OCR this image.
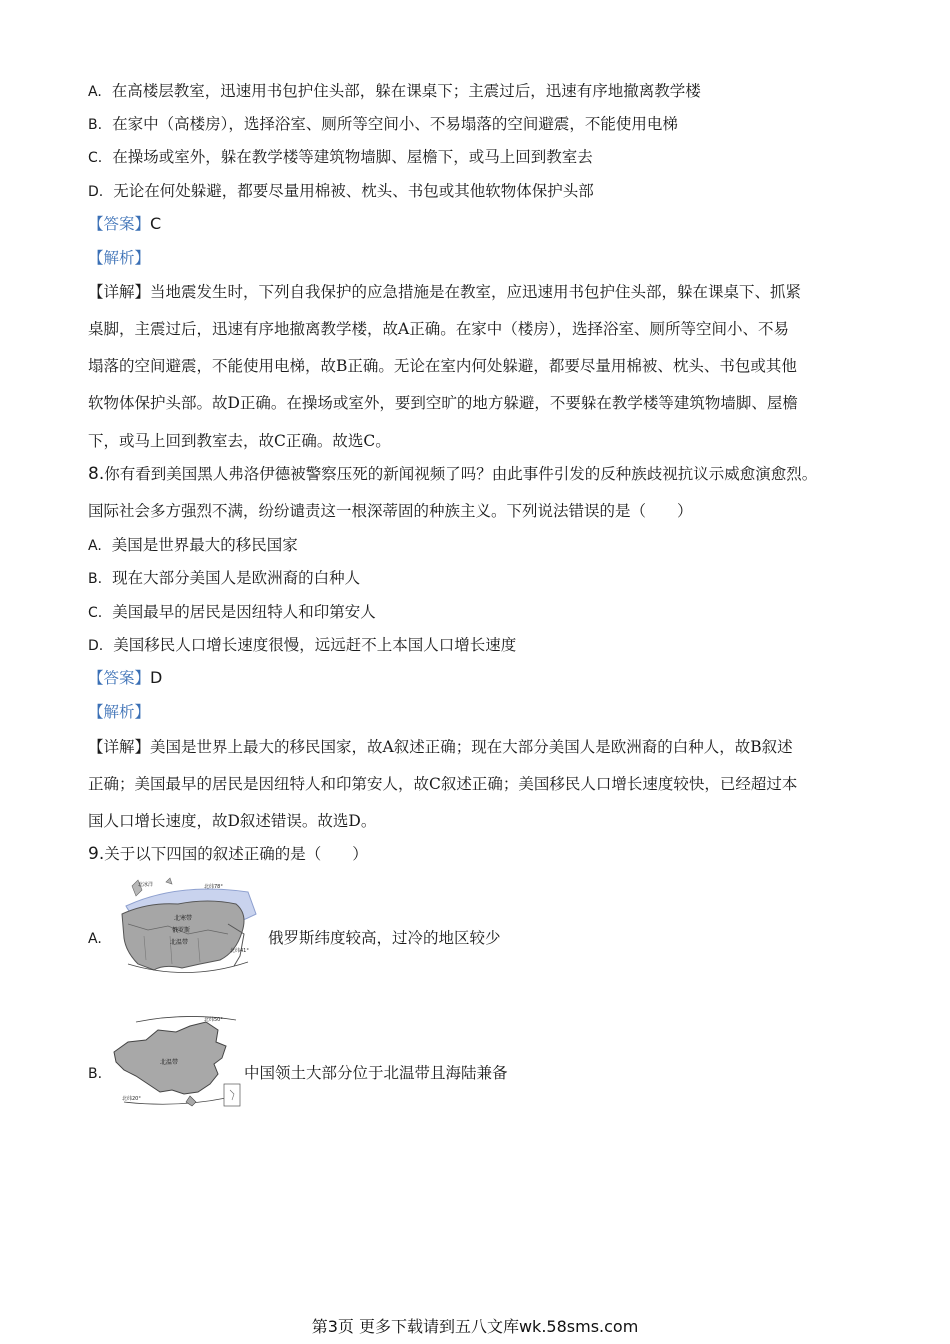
A. 在高楼层教室，迅速用书包护住头部，躲在课桌下；主震过后，迅速有序地撤离教学楼
B. 在家中（高楼房），选择浴室、厕所等空间小、不易塌落的空间避震，不能使用电梯
C. 在操场或室外，躲在教学楼等建筑物墙脚、屋檐下，或马上回到教室去
D. 无论在何处躲避，都要尽量用棉被、枕头、书包或其他软物体保护头部
【答案】C
【解析】
【详解】当地震发生时，下列自我保护的应急措施是在教室，应迅速用书包护住头部，躲在课桌下、抓紧
桌脚，主震过后，迅速有序地撤离教学楼，故A正确。在家中（楼房），选择浴室、厕所等空间小、不易
塌落的空间避震，不能使用电梯，故B正确。无论在室内何处躲避，都要尽量用棉被、枕头、书包或其他
软物体保护头部。故D正确。在操场或室外，要到空旷的地方躲避，不要躲在教学楼等建筑物墙脚、屋檐
下，或马上回到教室去，故C正确。故选C。
8.你有看到美国黑人弗洛伊德被警察压死的新闻视频了吗？由此事件引发的反种族歧视抗议示威愈演愈烈。
国际社会多方强烈不满，纷纷谴责这一根深蒂固的种族主义。下列说法错误的是（　　）
A. 美国是世界最大的移民国家
B. 现在大部分美国人是欧洲裔的白种人
C. 美国最早的居民是因纽特人和印第安人
D. 美国移民人口增长速度很慢，远远赶不上本国人口增长速度
【答案】D
【解析】
【详解】美国是世界上最大的移民国家，故A叙述正确；现在大部分美国人是欧洲裔的白种人，故B叙述
正确；美国最早的居民是因纽特人和印第安人，故C叙述正确；美国移民人口增长速度较快，已经超过本
国人口增长速度，故D叙述错误。故选D。
9.关于以下四国的叙述正确的是（　　）
A.
北冰洋	北纬78°
北寒带
俄罗斯
北温带
北纬41°
俄罗斯纬度较高，过冷的地区较少
B.
北纬50°
北温带
北纬20°
中国领土大部分位于北温带且海陆兼备
第3页 更多下载请到五八文库wk.58sms.com
